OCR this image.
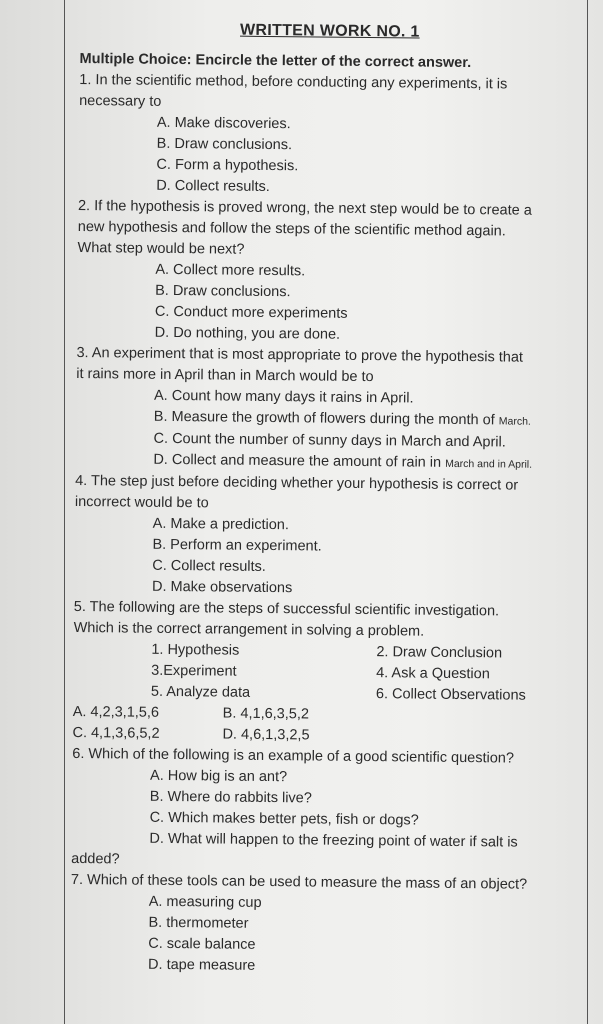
WRITTEN WORK NO. 1
Multiple Choice: Encircle the letter of the correct answer.

1. In the scientific method, before conducting any experiments, it is

necessary to

A. Make discoveries.

B. Draw conclusions.

C. Form a hypothesis.

D. Collect results.

2. If the hypothesis is proved wrong, the next step would be to create a

new hypothesis and follow the steps of the scientific method again.

What step would be next?

A. Collect more results.

B. Draw conclusions.

C. Conduct more experiments

D. Do nothing, you are done.

3. An experiment that is most appropriate to prove the hypothesis that

it rains more in April than in March would be to

A. Count how many days it rains in April.

B. Measure the growth of flowers during the month of March.

C. Count the number of sunny days in March and April.

D. Collect and measure the amount of rain in March and in April.

4. The step just before deciding whether your hypothesis is correct or

incorrect would be to

A. Make a prediction.

B. Perform an experiment.

C. Collect results.

D. Make observations

5. The following are the steps of successful scientific investigation.

Which is the correct arrangement in solving a problem.

1. Hypothesis	2. Draw Conclusion
3.Experiment	4. Ask a Question
5. Analyze data	6. Collect Observations
A. 4,2,3,1,5,6	B. 4,1,6,3,5,2
C. 4,1,3,6,5,2	D. 4,6,1,3,2,5

6. Which of the following is an example of a good scientific question?

A. How big is an ant?

B. Where do rabbits live?

C. Which makes better pets, fish or dogs?

D. What will happen to the freezing point of water if salt is

added?

7. Which of these tools can be used to measure the mass of an object?

A. measuring cup

B. thermometer

C. scale balance

D. tape measure
